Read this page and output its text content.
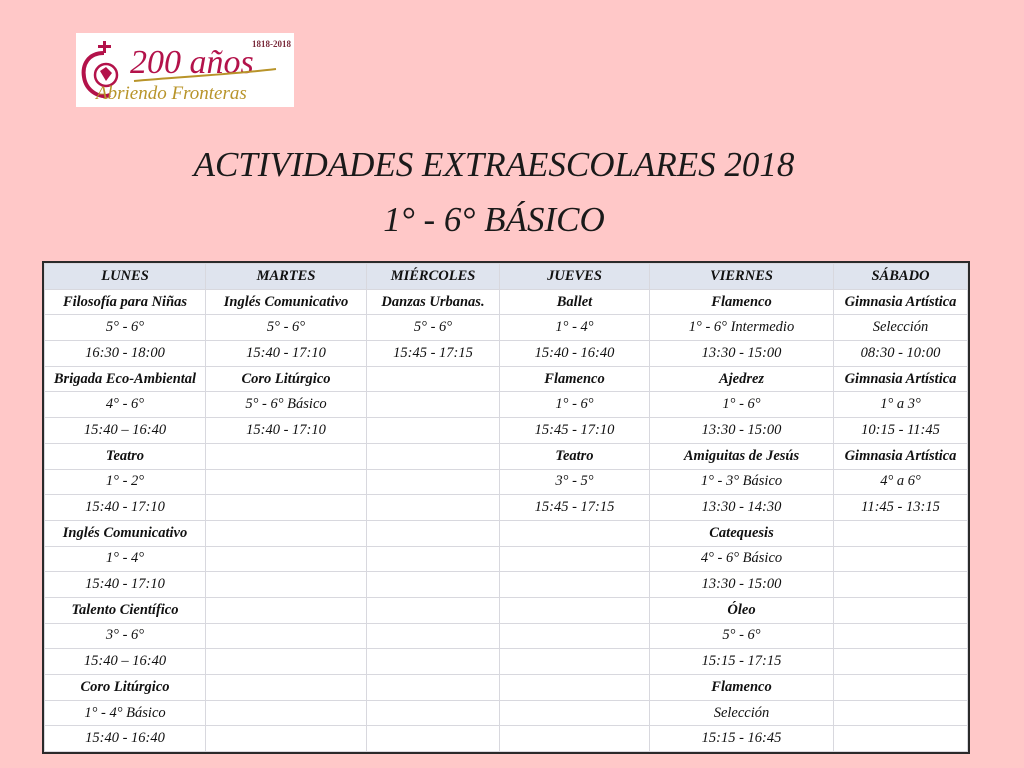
1818-2018
200 años
Abriendo Fronteras
ACTIVIDADES EXTRAESCOLARES 2018
1° - 6° BÁSICO
LUNES	MARTES	MIÉRCOLES	JUEVES	VIERNES	SÁBADO
Filosofía para Niñas	Inglés Comunicativo	Danzas Urbanas.	Ballet	Flamenco	Gimnasia Artística
5° - 6°	5° - 6°	5° - 6°	1° - 4°	1° - 6° Intermedio	Selección
16:30 - 18:00	15:40 - 17:10	15:45 - 17:15	15:40 - 16:40	13:30 - 15:00	08:30 - 10:00
Brigada Eco-Ambiental	Coro Litúrgico		Flamenco	Ajedrez	Gimnasia Artística
4° - 6°	5° - 6° Básico		1° - 6°	1° - 6°	1° a 3°
15:40 – 16:40	15:40 - 17:10		15:45 - 17:10	13:30 - 15:00	10:15 - 11:45
Teatro			Teatro	Amiguitas de Jesús	Gimnasia Artística
1° - 2°			3° - 5°	1° - 3° Básico	4° a 6°
15:40 - 17:10			15:45 - 17:15	13:30 - 14:30	11:45 - 13:15
Inglés Comunicativo				Catequesis	
1° - 4°				4° - 6° Básico	
15:40 - 17:10				13:30 - 15:00	
Talento Científico				Óleo	
3° - 6°				5° - 6°	
15:40 – 16:40				15:15 - 17:15	
Coro Litúrgico				Flamenco	
1° - 4° Básico				Selección	
15:40 - 16:40				15:15 - 16:45	
